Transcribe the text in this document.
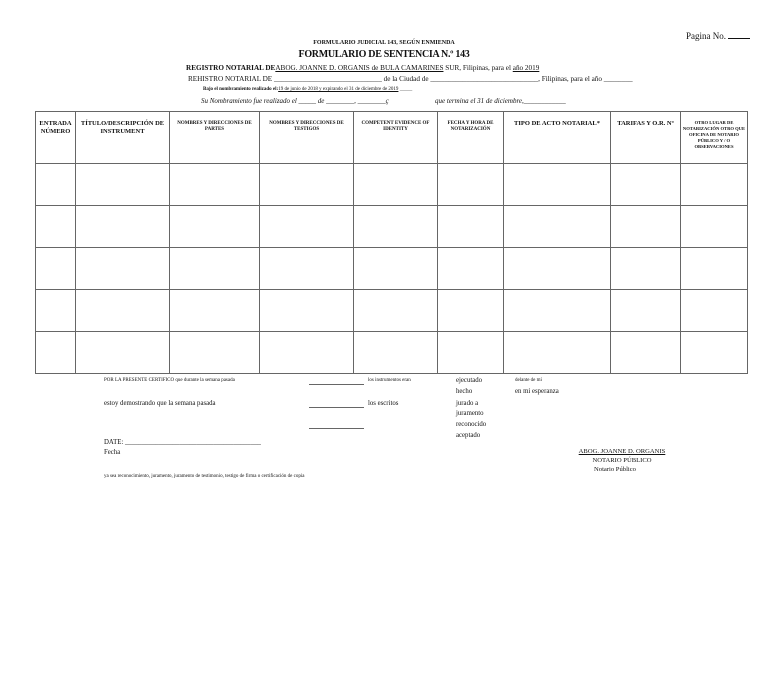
Pagina No.
FORMULARIO JUDICIAL 143, SEGÚN ENMIENDA
FORMULARIO DE SENTENCIA N.º 143
REGISTRO NOTARIAL DEABOG. JOANNE D. ORGANIS de BULA CAMARINES SUR, Filipinas, para el año 2019
REHISTRO NOTARIAL DE ______________________________ de la Ciudad de ______________________________, Filipinas, para el año ________
Bajo el nombramiento realizado el:19 de junio de 2018 y expirando el 31 de diciembre de 2019 _____
Su Nombramiento fue realizado el _____ de ________, ________ç	que termina el 31 de diciembre,____________
ENTRADA NÚMERO	TÍTULO/DESCRIPCIÓN DE INSTRUMENT	NOMBRES Y DIRECCIONES DE PARTES	NOMBRES Y DIRECCIONES DE TESTIGOS	COMPETENT EVIDENCE OF IDENTITY	FECHA Y HORA DE NOTARIZACIÓN	TIPO DE ACTO NOTARIAL*	TARIFAS Y O.R. Nº	OTRO LUGAR DE NOTARIZACIÓN OTRO QUE OFICINA DE NOTARIO PÚBLICO Y / O OBSERVACIONES

POR LA PRESENTE CERTIFICO que durante la semana pasada	los instrumentos eran	ejecutado
hecho
delante de mí
en mi esperanza
estoy demostrando que la semana pasada	los escritos	jurado a
juramento
reconocido
aceptado
DATE: ________________________________________
Fecha
ya sea reconocimiento, juramento, juramento de testimonio, testigo de firma o certificación de copia
ABOG. JOANNE D. ORGANIS
NOTARIO PÚBLICO
Notario Público
